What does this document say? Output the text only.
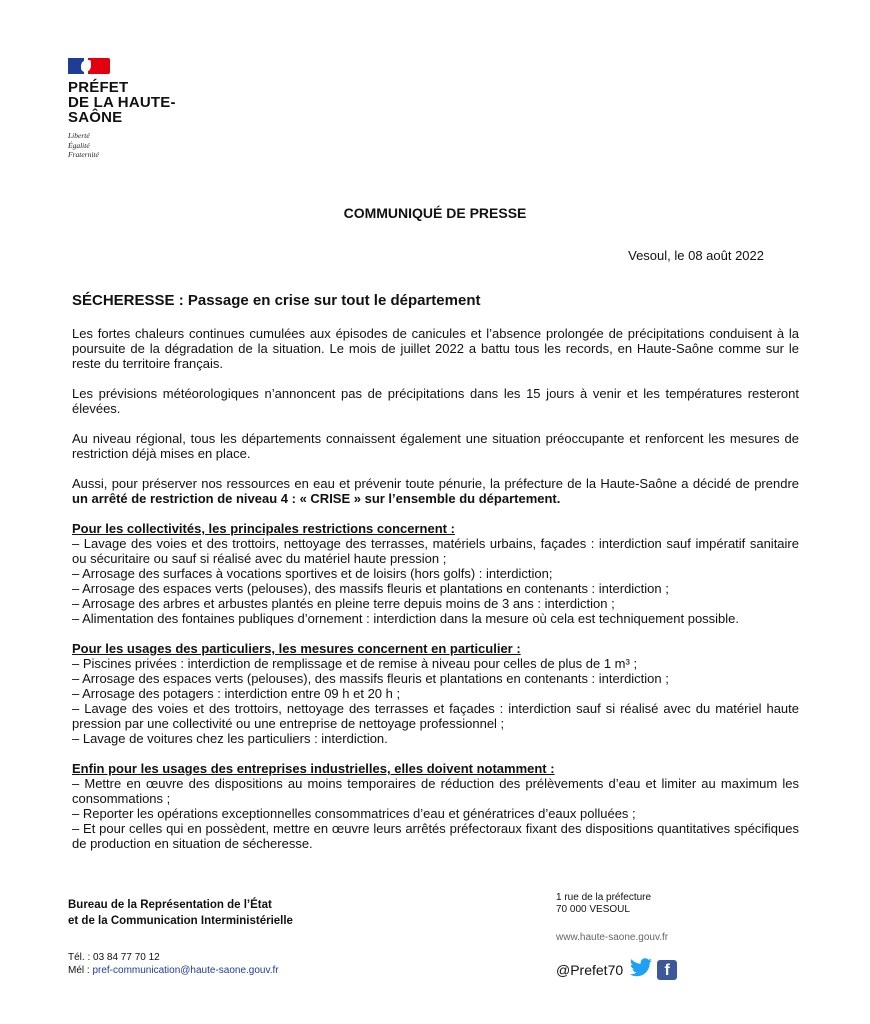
PRÉFET
DE LA HAUTE-
SAÔNE
Liberté
Égalité
Fraternité
COMMUNIQUÉ DE PRESSE
Vesoul, le 08 août 2022
SÉCHERESSE : Passage en crise sur tout le département

Les fortes chaleurs continues cumulées aux épisodes de canicules et l’absence prolongée de précipitations conduisent à la poursuite de la dégradation de la situation. Le mois de juillet 2022 a battu tous les records, en Haute-Saône comme sur le reste du territoire français.

Les prévisions météorologiques n’annoncent pas de précipitations dans les 15 jours à venir et les températures resteront élevées.

Au niveau régional, tous les départements connaissent également une situation préoccupante et renforcent les mesures de restriction déjà mises en place.

Aussi, pour préserver nos ressources en eau et prévenir toute pénurie, la préfecture de la Haute-Saône a décidé de prendre un arrêté de restriction de niveau 4 : « CRISE » sur l’ensemble du département.

Pour les collectivités, les principales restrictions concernent :
– Lavage des voies et des trottoirs, nettoyage des terrasses, matériels urbains, façades : interdiction sauf impératif sanitaire ou sécuritaire ou sauf si réalisé avec du matériel haute pression ;
– Arrosage des surfaces à vocations sportives et de loisirs (hors golfs) : interdiction;
– Arrosage des espaces verts (pelouses), des massifs fleuris et plantations en contenants : interdiction ;
– Arrosage des arbres et arbustes plantés en pleine terre depuis moins de 3 ans : interdiction ;
– Alimentation des fontaines publiques d’ornement : interdiction dans la mesure où cela est techniquement possible.
Pour les usages des particuliers, les mesures concernent en particulier :
– Piscines privées : interdiction de remplissage et de remise à niveau pour celles de plus de 1 m³ ;
– Arrosage des espaces verts (pelouses), des massifs fleuris et plantations en contenants : interdiction ;
– Arrosage des potagers : interdiction entre 09 h et 20 h ;
– Lavage des voies et des trottoirs, nettoyage des terrasses et façades : interdiction sauf si réalisé avec du matériel haute pression par une collectivité ou une entreprise de nettoyage professionnel ;
– Lavage de voitures chez les particuliers : interdiction.
Enfin pour les usages des entreprises industrielles, elles doivent notamment :
– Mettre en œuvre des dispositions au moins temporaires de réduction des prélèvements d’eau et limiter au maximum les consommations ;
– Reporter les opérations exceptionnelles consommatrices d’eau et génératrices d’eaux polluées ;
– Et pour celles qui en possèdent, mettre en œuvre leurs arrêtés préfectoraux fixant des dispositions quantitatives spécifiques de production en situation de sécheresse.
Bureau de la Représentation de l’État
et de la Communication Interministérielle
Tél. : 03 84 77 70 12
Mél : pref-communication@haute-saone.gouv.fr
1 rue de la préfecture
70 000 VESOUL
www.haute-saone.gouv.fr
@Prefet70	f
